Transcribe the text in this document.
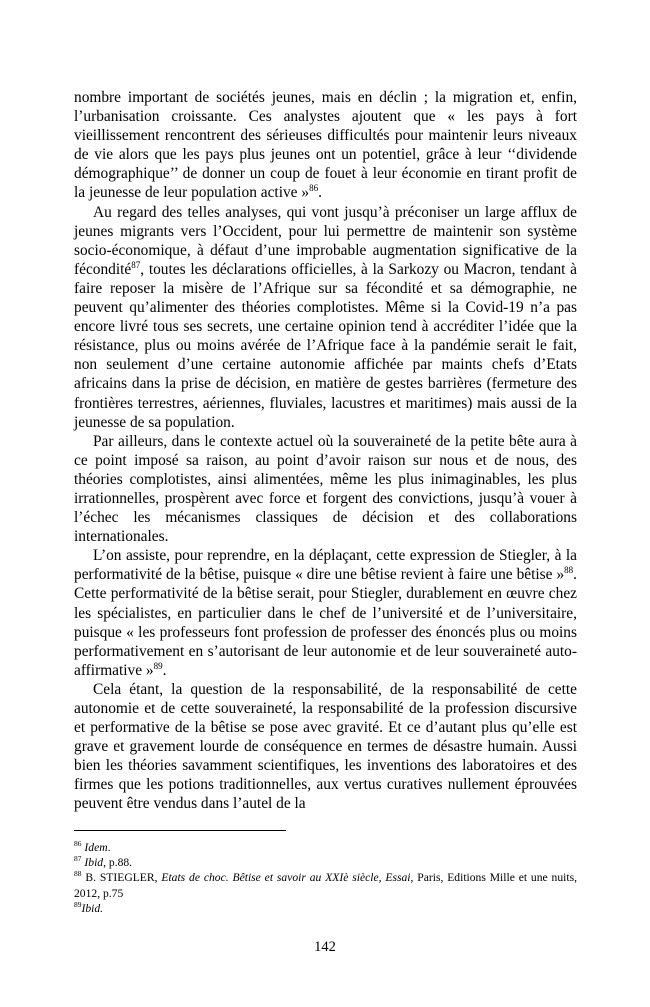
nombre important de sociétés jeunes, mais en déclin ; la migration et, enfin, l’urbanisation croissante. Ces analystes ajoutent que « les pays à fort vieillissement rencontrent des sérieuses difficultés pour maintenir leurs niveaux de vie alors que les pays plus jeunes ont un potentiel, grâce à leur ‘‘dividende démographique’’ de donner un coup de fouet à leur économie en tirant profit de la jeunesse de leur population active »$^{86}$.

Au regard des telles analyses, qui vont jusqu’à préconiser un large afflux de jeunes migrants vers l’Occident, pour lui permettre de maintenir son système socio-économique, à défaut d’une improbable augmentation significative de la fécondité$^{87}$, toutes les déclarations officielles, à la Sarkozy ou Macron, tendant à faire reposer la misère de l’Afrique sur sa fécondité et sa démographie, ne peuvent qu’alimenter des théories complotistes. Même si la Covid-19 n’a pas encore livré tous ses secrets, une certaine opinion tend à accréditer l’idée que la résistance, plus ou moins avérée de l’Afrique face à la pandémie serait le fait, non seulement d’une certaine autonomie affichée par maints chefs d’Etats africains dans la prise de décision, en matière de gestes barrières (fermeture des frontières terrestres, aériennes, fluviales, lacustres et maritimes) mais aussi de la jeunesse de sa population.

Par ailleurs, dans le contexte actuel où la souveraineté de la petite bête aura à ce point imposé sa raison, au point d’avoir raison sur nous et de nous, des théories complotistes, ainsi alimentées, même les plus inimaginables, les plus irrationnelles, prospèrent avec force et forgent des convictions, jusqu’à vouer à l’échec les mécanismes classiques de décision et des collaborations internationales.

L’on assiste, pour reprendre, en la déplaçant, cette expression de Stiegler, à la performativité de la bêtise, puisque « dire une bêtise revient à faire une bêtise »$^{88}$. Cette performativité de la bêtise serait, pour Stiegler, durablement en œuvre chez les spécialistes, en particulier dans le chef de l’université et de l’universitaire, puisque « les professeurs font profession de professer des énoncés plus ou moins performativement en s’autorisant de leur autonomie et de leur souveraineté auto-affirmative »$^{89}$.

Cela étant, la question de la responsabilité, de la responsabilité de cette autonomie et de cette souveraineté, la responsabilité de la profession discursive et performative de la bêtise se pose avec gravité. Et ce d’autant plus qu’elle est grave et gravement lourde de conséquence en termes de désastre humain. Aussi bien les théories savamment scientifiques, les inventions des laboratoires et des firmes que les potions traditionnelles, aux vertus curatives nullement éprouvées peuvent être vendus dans l’autel de la

$^{86}$ Idem.

$^{87}$ Ibid, p.88.

$^{88}$ B. STIEGLER, Etats de choc. Bêtise et savoir au XXIè siècle, Essai, Paris, Editions Mille et une nuits, 2012, p.75

$^{89}$Ibid.

142
